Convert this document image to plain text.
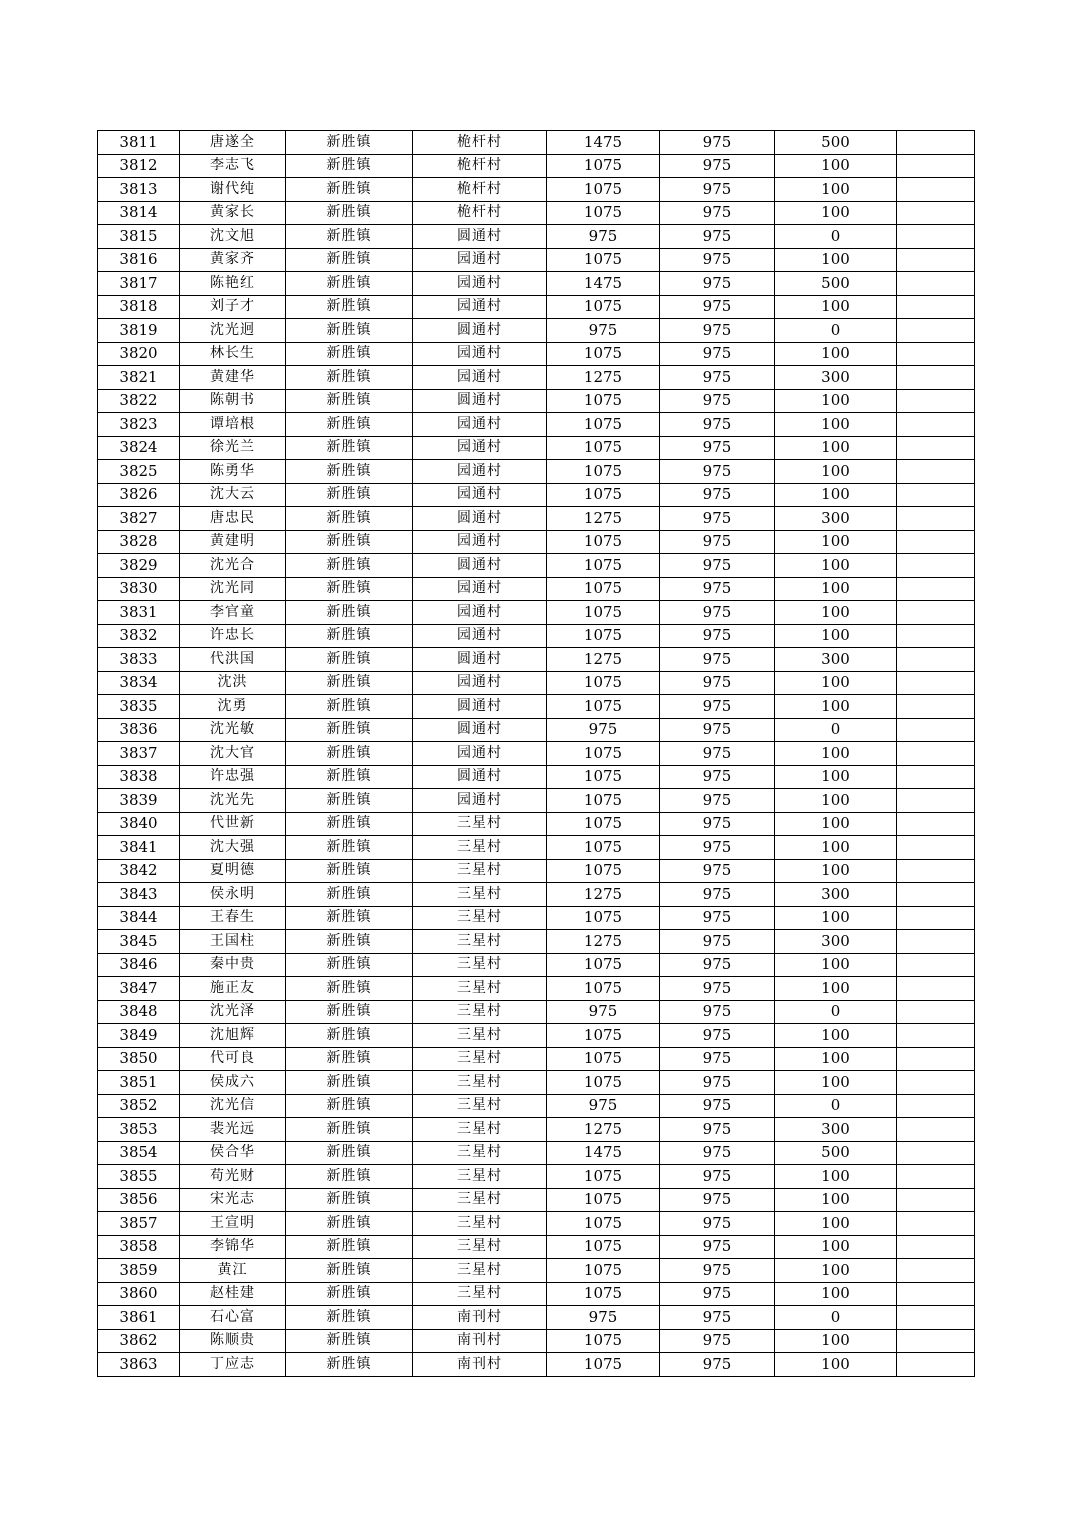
3811	唐遂全	新胜镇	桅杆村	1475	975	500	
3812	李志飞	新胜镇	桅杆村	1075	975	100	
3813	谢代纯	新胜镇	桅杆村	1075	975	100	
3814	黄家长	新胜镇	桅杆村	1075	975	100	
3815	沈文旭	新胜镇	圆通村	975	975	0	
3816	黄家齐	新胜镇	园通村	1075	975	100	
3817	陈艳红	新胜镇	园通村	1475	975	500	
3818	刘子才	新胜镇	园通村	1075	975	100	
3819	沈光迥	新胜镇	圆通村	975	975	0	
3820	林长生	新胜镇	园通村	1075	975	100	
3821	黄建华	新胜镇	园通村	1275	975	300	
3822	陈朝书	新胜镇	圆通村	1075	975	100	
3823	谭培根	新胜镇	园通村	1075	975	100	
3824	徐光兰	新胜镇	园通村	1075	975	100	
3825	陈勇华	新胜镇	园通村	1075	975	100	
3826	沈大云	新胜镇	园通村	1075	975	100	
3827	唐忠民	新胜镇	圆通村	1275	975	300	
3828	黄建明	新胜镇	园通村	1075	975	100	
3829	沈光合	新胜镇	圆通村	1075	975	100	
3830	沈光同	新胜镇	园通村	1075	975	100	
3831	李官童	新胜镇	园通村	1075	975	100	
3832	许忠长	新胜镇	园通村	1075	975	100	
3833	代洪国	新胜镇	圆通村	1275	975	300	
3834	沈洪	新胜镇	园通村	1075	975	100	
3835	沈勇	新胜镇	圆通村	1075	975	100	
3836	沈光敏	新胜镇	圆通村	975	975	0	
3837	沈大官	新胜镇	园通村	1075	975	100	
3838	许忠强	新胜镇	圆通村	1075	975	100	
3839	沈光先	新胜镇	园通村	1075	975	100	
3840	代世新	新胜镇	三星村	1075	975	100	
3841	沈大强	新胜镇	三星村	1075	975	100	
3842	夏明德	新胜镇	三星村	1075	975	100	
3843	侯永明	新胜镇	三星村	1275	975	300	
3844	王春生	新胜镇	三星村	1075	975	100	
3845	王国柱	新胜镇	三星村	1275	975	300	
3846	秦中贵	新胜镇	三星村	1075	975	100	
3847	施正友	新胜镇	三星村	1075	975	100	
3848	沈光泽	新胜镇	三星村	975	975	0	
3849	沈旭辉	新胜镇	三星村	1075	975	100	
3850	代可良	新胜镇	三星村	1075	975	100	
3851	侯成六	新胜镇	三星村	1075	975	100	
3852	沈光信	新胜镇	三星村	975	975	0	
3853	裴光远	新胜镇	三星村	1275	975	300	
3854	侯合华	新胜镇	三星村	1475	975	500	
3855	苟光财	新胜镇	三星村	1075	975	100	
3856	宋光志	新胜镇	三星村	1075	975	100	
3857	王宣明	新胜镇	三星村	1075	975	100	
3858	李锦华	新胜镇	三星村	1075	975	100	
3859	黄江	新胜镇	三星村	1075	975	100	
3860	赵桂建	新胜镇	三星村	1075	975	100	
3861	石心富	新胜镇	南刊村	975	975	0	
3862	陈顺贵	新胜镇	南刊村	1075	975	100	
3863	丁应志	新胜镇	南刊村	1075	975	100	
